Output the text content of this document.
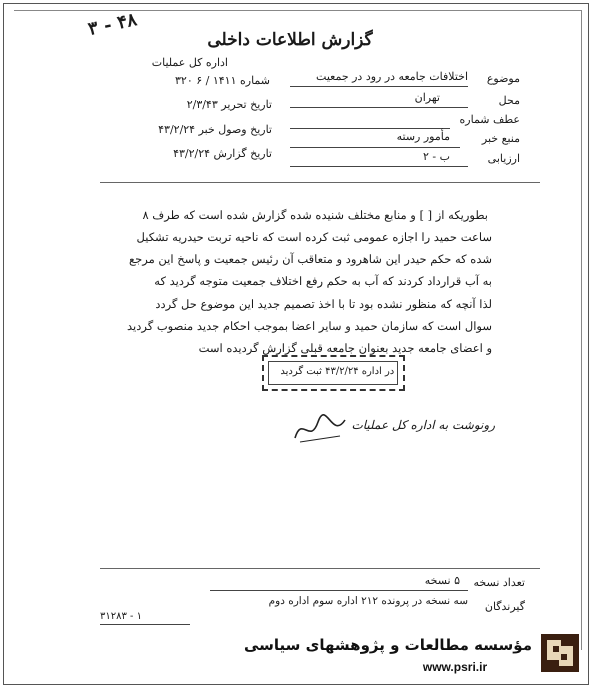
۴۸ - ۳
گزارش اطلاعات داخلی
اداره کل عملیات
شماره ۱۴۱۱ / ۶ ۳۲۰
تاریخ تحریر ۲/۳/۴۳
تاریخ وصول خبر ۴۳/۲/۲۴
تاریخ گزارش ۴۳/۲/۲۴
موضوع
اختلافات جامعه در رود در جمعیت
محل
تهران
عطف شماره
منبع خبر
مأمور رسته
ارزیابی
ب - ۲
بطوریکه از [ ] و منابع مختلف شنیده شده گزارش شده است که طرف ۸
ساعت حمید را اجازه عمومی ثبت کرده است که ناحیه تربت حیدریه تشکیل
شده که حکم حیدر این شاهرود و متعاقب آن رئیس جمعیت و پاسخ این مرجع
به آب قرارداد کردند که آب به حکم رفع اختلاف جمعیت متوجه گردید که
لذا آنچه که منظور نشده بود تا با اخذ تصمیم جدید این موضوع حل گردد
سوال است که سازمان حمید و سایر اعضا بموجب احکام جدید منصوب گردید
و اعضای جامعه جدید بعنوان جامعه قبلی گزارش گردیده است
۴۳/۲/۲۴ ثبت گردید در اداره
رونوشت به اداره کل عملیات
تعداد نسخه
۵ نسخه
سه نسخه در پرونده ۲۱۲ اداره سوم اداره دوم	گیرندگان
۳۱۲۸۳ - ۱
مؤسسه مطالعات و پژوهشهای سیاسی
www.psri.ir
